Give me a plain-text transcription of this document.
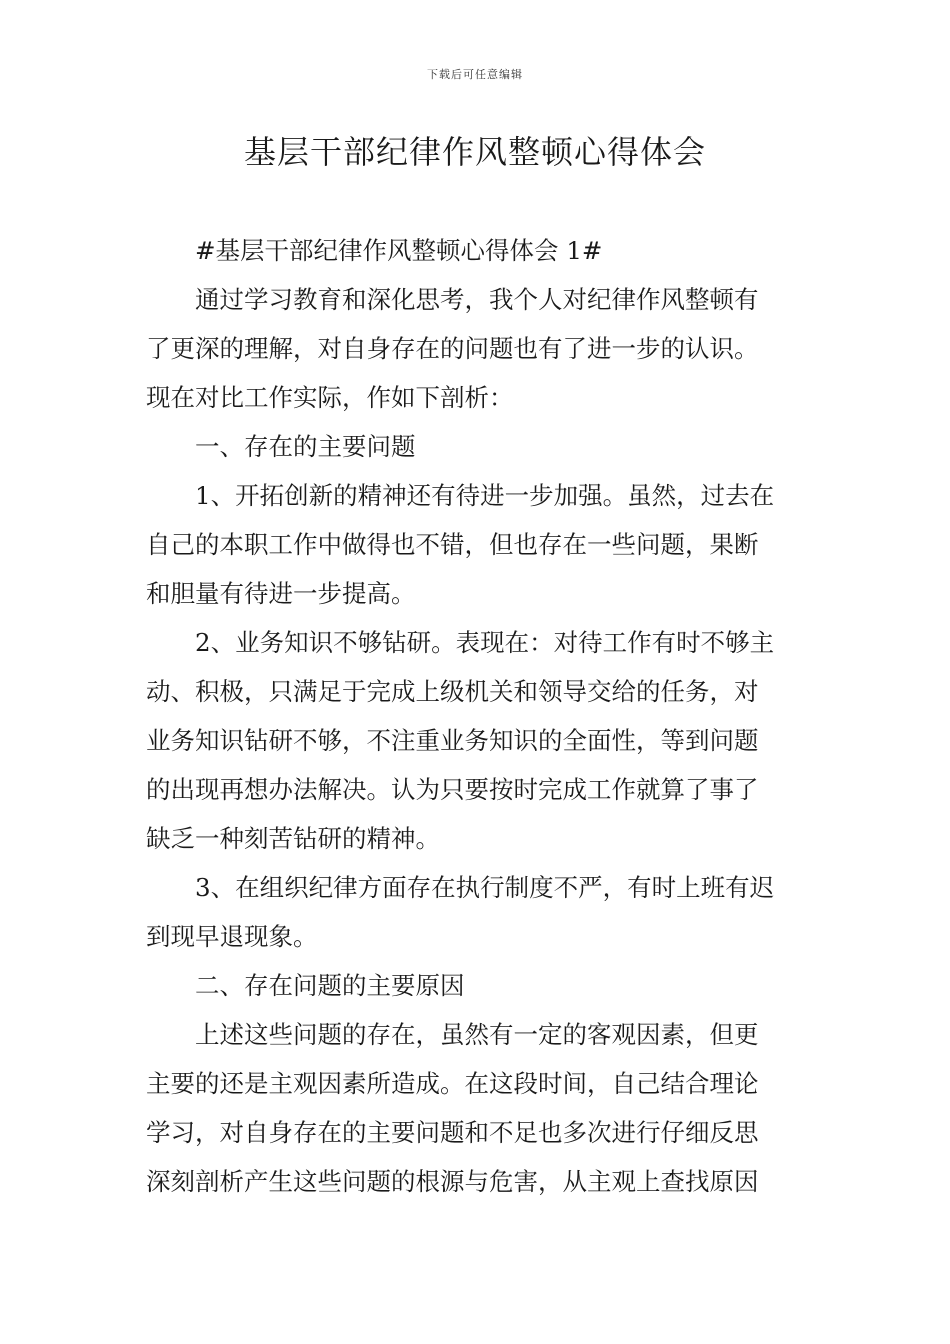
下载后可任意编辑
基层干部纪律作风整顿心得体会
#基层干部纪律作风整顿心得体会 1#
通过学习教育和深化思考，我个人对纪律作风整顿有
了更深的理解，对自身存在的问题也有了进一步的认识。
现在对比工作实际，作如下剖析：
一、存在的主要问题
1、开拓创新的精神还有待进一步加强。虽然，过去在
自己的本职工作中做得也不错，但也存在一些问题，果断
和胆量有待进一步提高。
2、业务知识不够钻研。表现在：对待工作有时不够主
动、积极，只满足于完成上级机关和领导交给的任务，对
业务知识钻研不够，不注重业务知识的全面性，等到问题
的出现再想办法解决。认为只要按时完成工作就算了事了
缺乏一种刻苦钻研的精神。
3、在组织纪律方面存在执行制度不严，有时上班有迟
到现早退现象。
二、存在问题的主要原因
上述这些问题的存在，虽然有一定的客观因素，但更
主要的还是主观因素所造成。在这段时间，自己结合理论
学习，对自身存在的主要问题和不足也多次进行仔细反思
深刻剖析产生这些问题的根源与危害，从主观上查找原因
